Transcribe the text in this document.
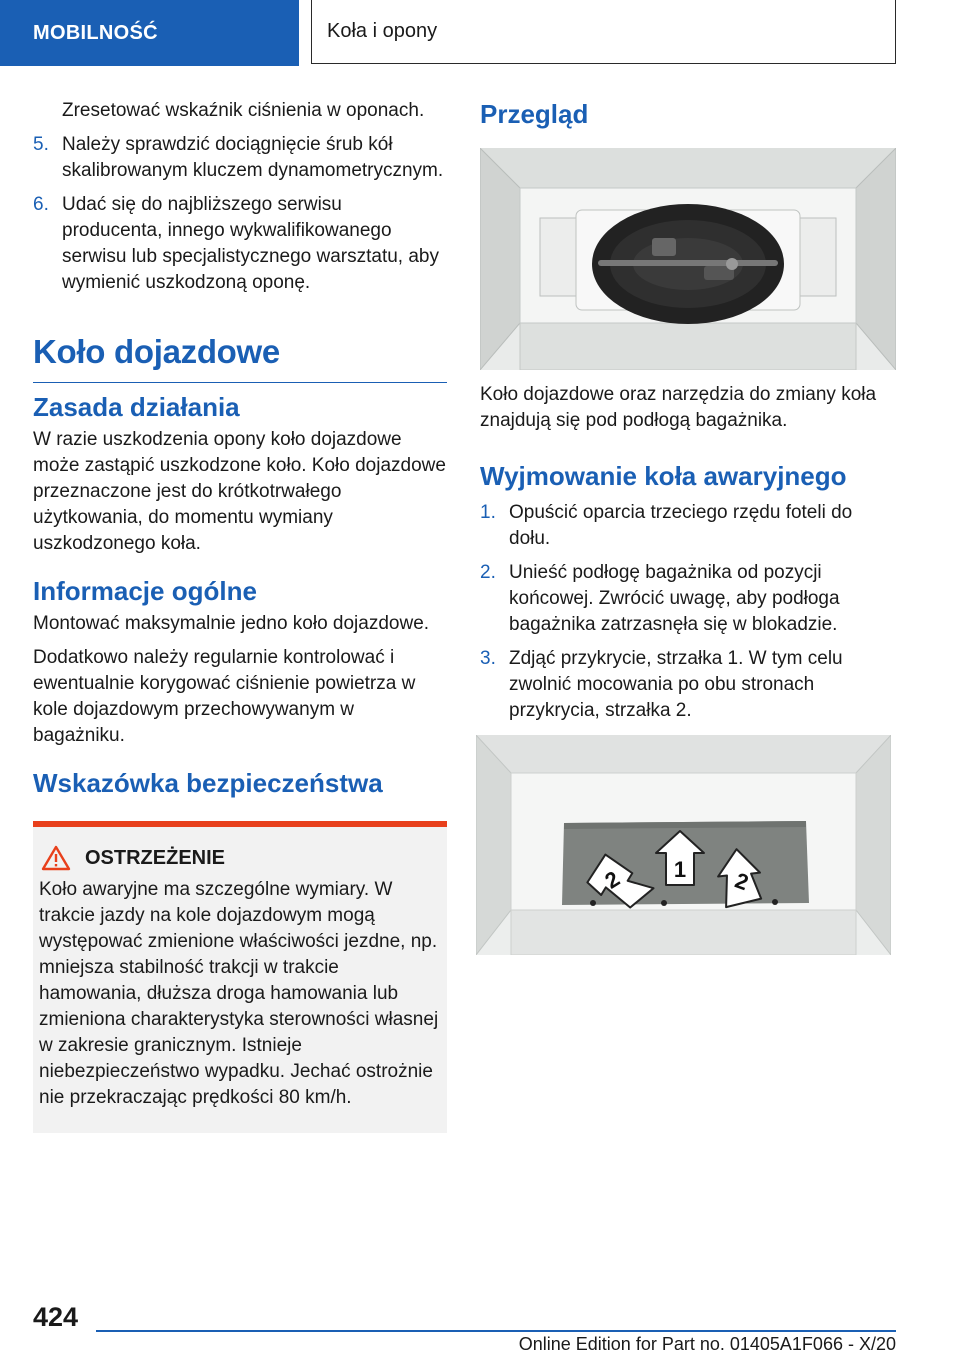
MOBILNOŚĆ	Koła i opony

Zresetować wskaźnik ciśnienia w oponach.

5. Należy sprawdzić dociągnięcie śrub kół skalibrowanym kluczem dynamometrycznym.
6. Udać się do najbliższego serwisu producenta, innego wykwalifikowanego serwisu lub specjalistycznego warsztatu, aby wymienić uszkodzoną oponę.
Koło dojazdowe
Zasada działania

W razie uszkodzenia opony koło dojazdowe może zastąpić uszkodzone koło. Koło dojazdowe przeznaczone jest do krótkotrwałego użytkowania, do momentu wymiany uszkodzonego koła.

Informacje ogólne

Montować maksymalnie jedno koło dojazdowe.

Dodatkowo należy regularnie kontrolować i ewentualnie korygować ciśnienie powietrza w kole dojazdowym przechowywanym w bagażniku.

Wskazówka bezpieczeństwa
OSTRZEŻENIE

Koło awaryjne ma szczególne wymiary. W trakcie jazdy na kole dojazdowym mogą występować zmienione właściwości jezdne, np. mniejsza stabilność trakcji w trakcie hamowania, dłuższa droga hamowania lub zmieniona charakterystyka sterowności własnej w zakresie granicznym. Istnieje niebezpieczeństwo wypadku. Jechać ostrożnie nie przekraczając prędkości 80 km/h.

Przegląd

Koło dojazdowe oraz narzędzia do zmiany koła znajdują się pod podłogą bagażnika.

Wyjmowanie koła awaryjnego
1. Opuścić oparcia trzeciego rzędu foteli do dołu.
2. Unieść podłogę bagażnika od pozycji końcowej. Zwrócić uwagę, aby podłoga bagażnika zatrzasnęła się w blokadzie.
3. Zdjąć przykrycie, strzałka 1. W tym celu zwolnić mocowania po obu stronach przykrycia, strzałka 2.
2 1 2
424
Online Edition for Part no. 01405A1F066 - X/20
